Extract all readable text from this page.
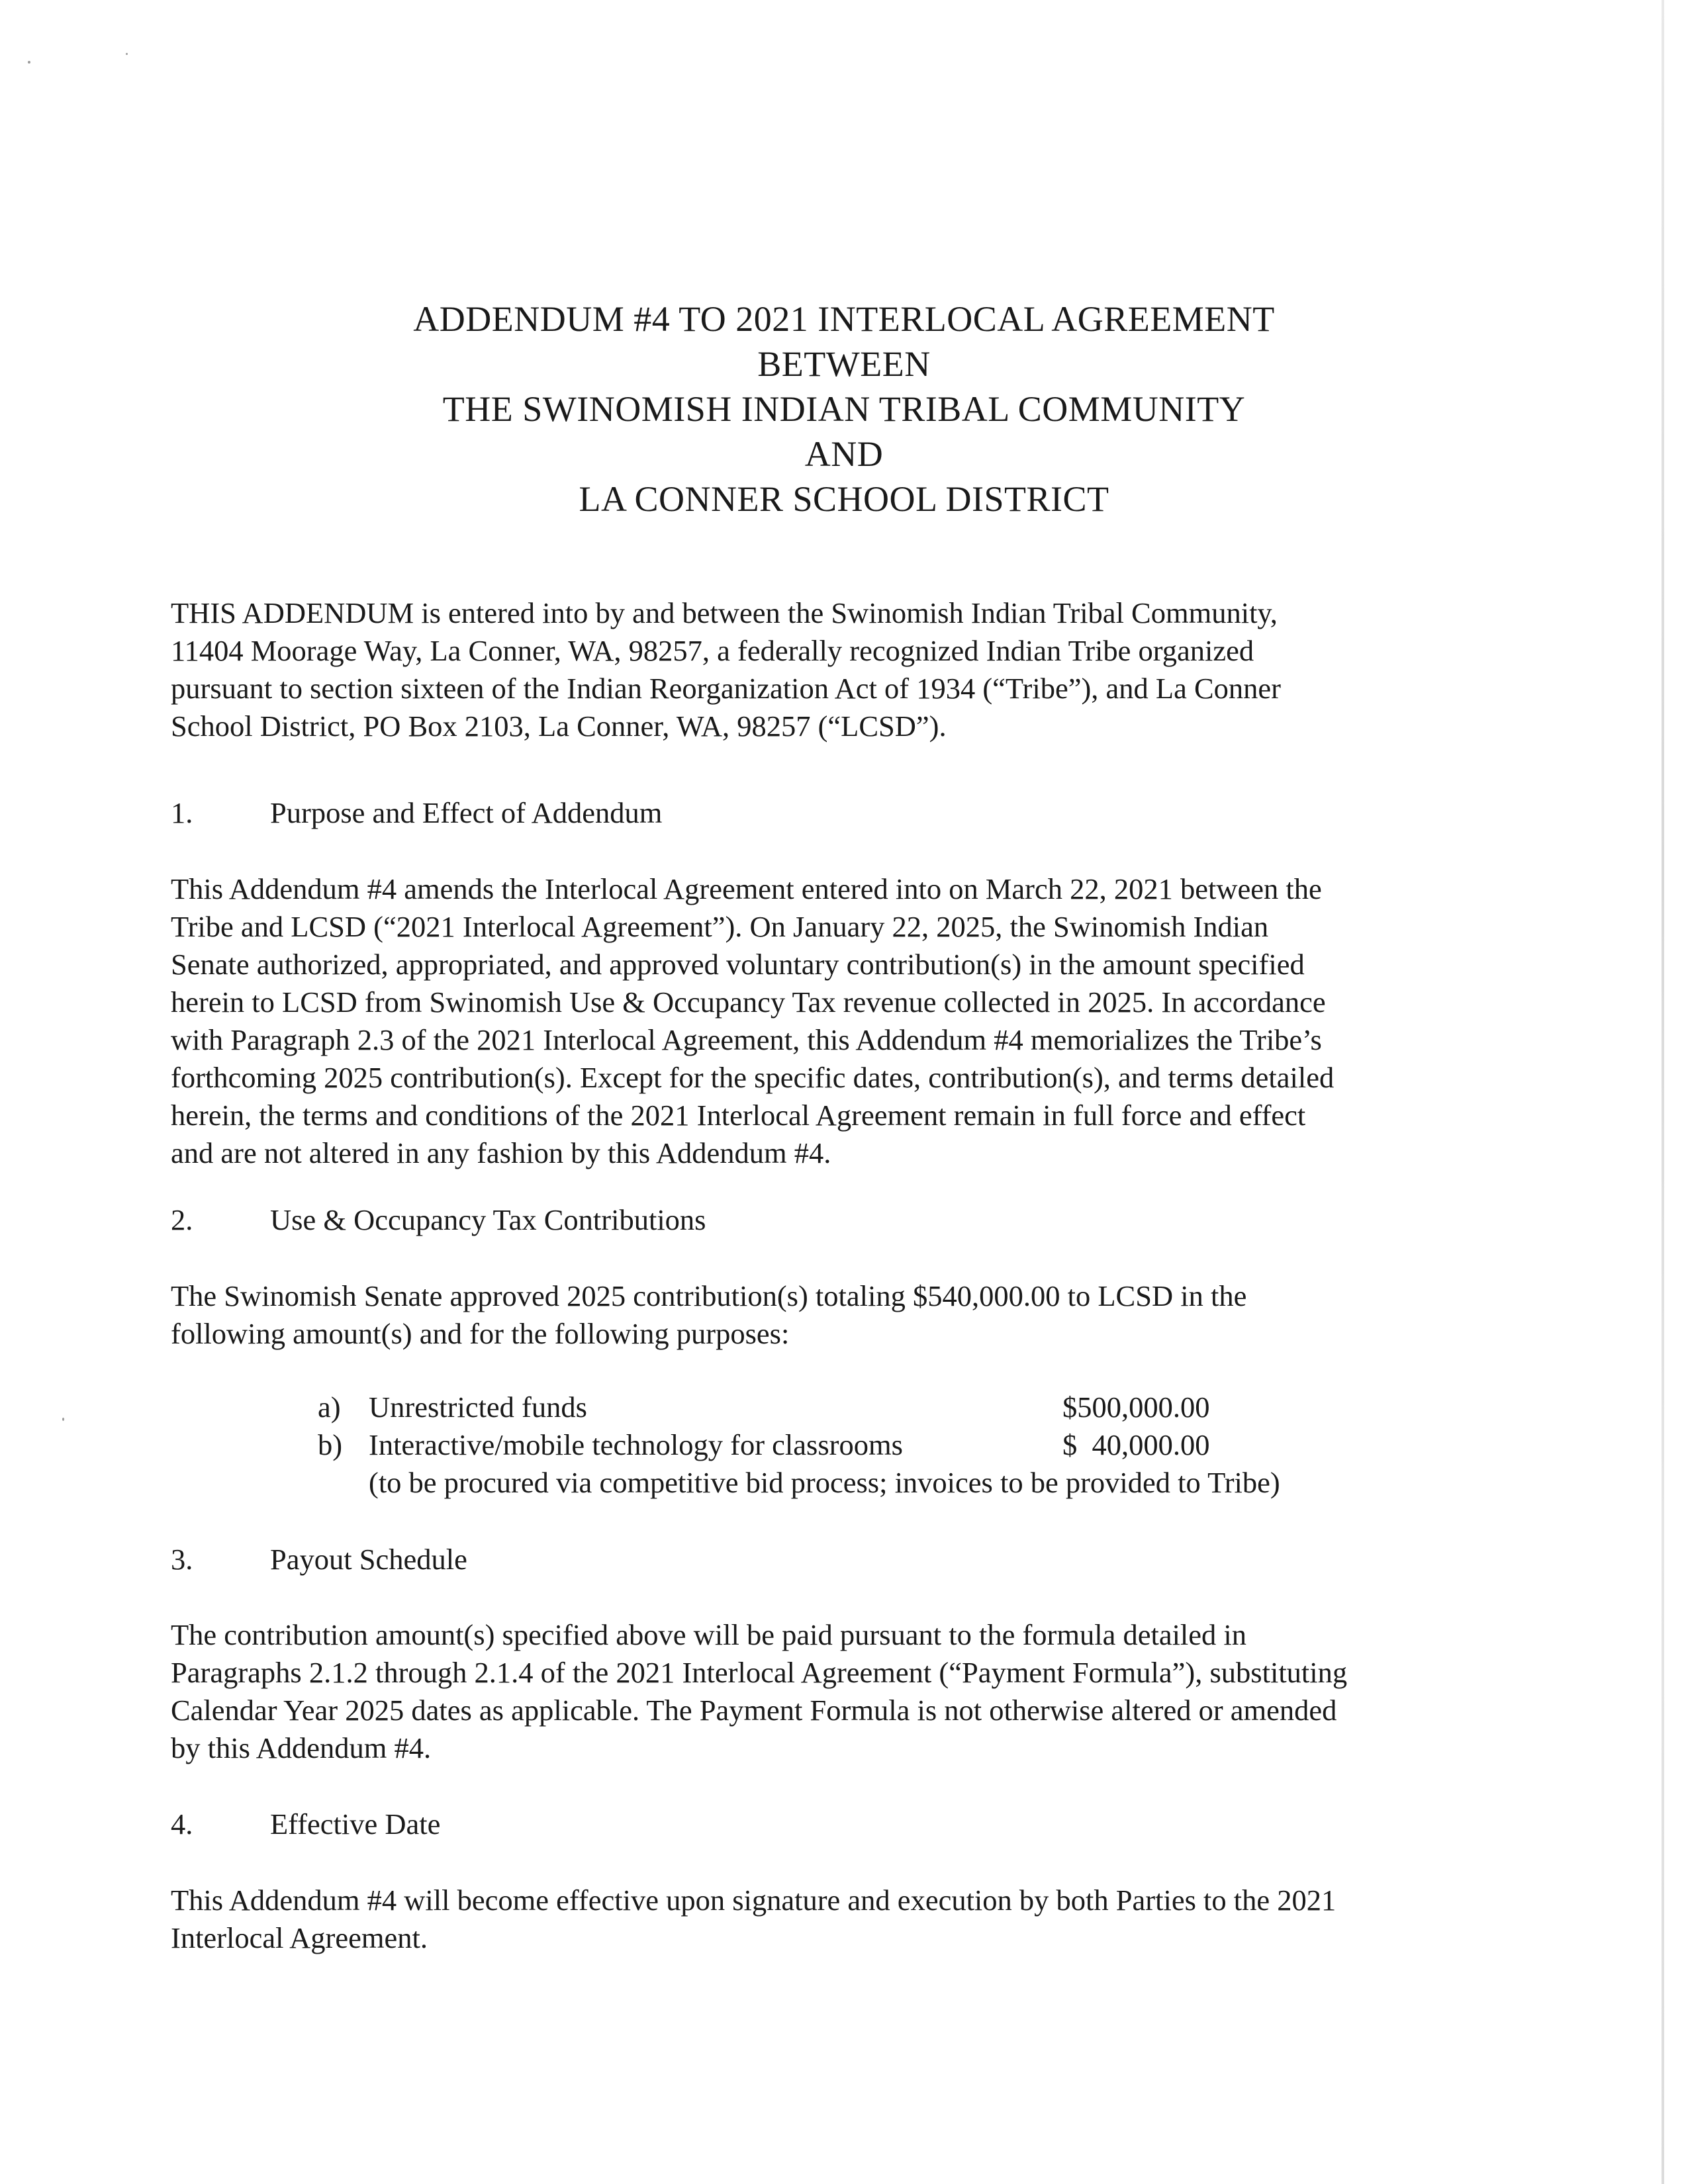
ADDENDUM #4 TO 2021 INTERLOCAL AGREEMENT
BETWEEN
THE SWINOMISH INDIAN TRIBAL COMMUNITY
AND
LA CONNER SCHOOL DISTRICT
THIS ADDENDUM is entered into by and between the Swinomish Indian Tribal Community,
11404 Moorage Way, La Conner, WA, 98257, a federally recognized Indian Tribe organized
pursuant to section sixteen of the Indian Reorganization Act of 1934 (“Tribe”), and La Conner
School District, PO Box 2103, La Conner, WA, 98257 (“LCSD”).
1.	Purpose and Effect of Addendum
This Addendum #4 amends the Interlocal Agreement entered into on March 22, 2021 between the
Tribe and LCSD (“2021 Interlocal Agreement”). On January 22, 2025, the Swinomish Indian
Senate authorized, appropriated, and approved voluntary contribution(s) in the amount specified
herein to LCSD from Swinomish Use & Occupancy Tax revenue collected in 2025. In accordance
with Paragraph 2.3 of the 2021 Interlocal Agreement, this Addendum #4 memorializes the Tribe’s
forthcoming 2025 contribution(s). Except for the specific dates, contribution(s), and terms detailed
herein, the terms and conditions of the 2021 Interlocal Agreement remain in full force and effect
and are not altered in any fashion by this Addendum #4.
2.	Use & Occupancy Tax Contributions
The Swinomish Senate approved 2025 contribution(s) totaling $540,000.00 to LCSD in the
following amount(s) and for the following purposes:
a) Unrestricted funds	$500,000.00
b) Interactive/mobile technology for classrooms	$  40,000.00
(to be procured via competitive bid process; invoices to be provided to Tribe)
3.	Payout Schedule
The contribution amount(s) specified above will be paid pursuant to the formula detailed in
Paragraphs 2.1.2 through 2.1.4 of the 2021 Interlocal Agreement (“Payment Formula”), substituting
Calendar Year 2025 dates as applicable. The Payment Formula is not otherwise altered or amended
by this Addendum #4.
4.	Effective Date
This Addendum #4 will become effective upon signature and execution by both Parties to the 2021
Interlocal Agreement.
